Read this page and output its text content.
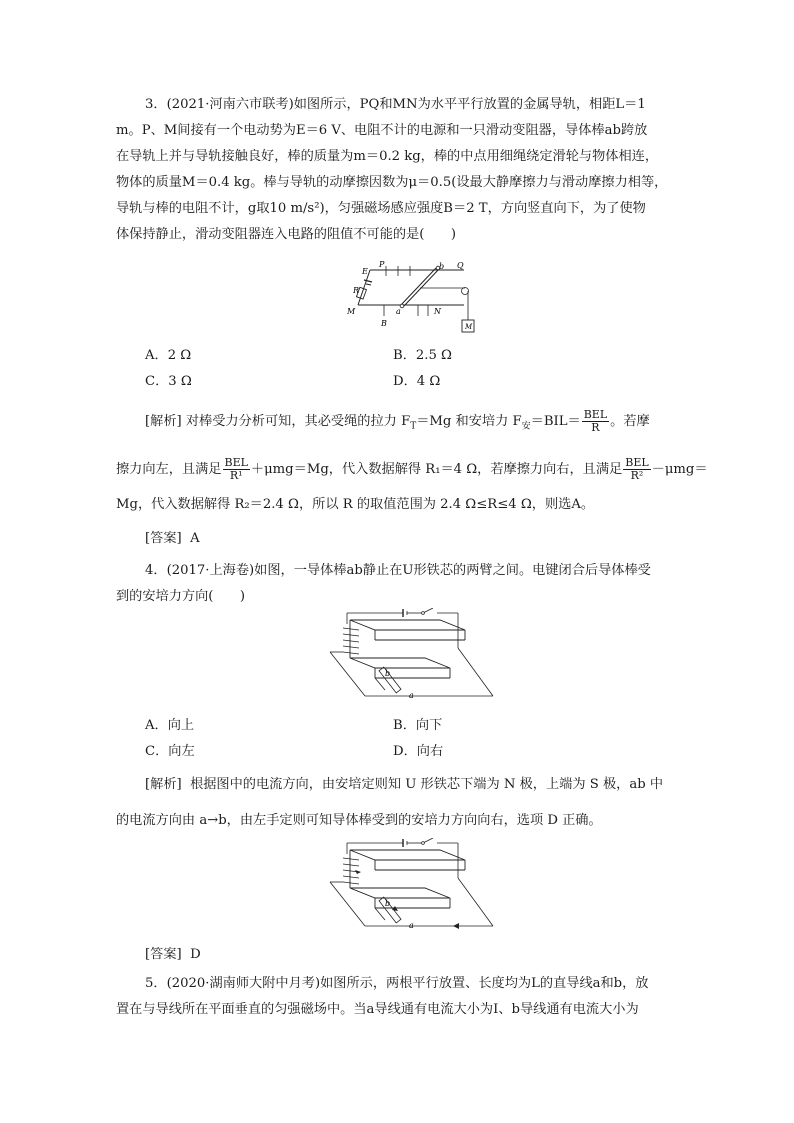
3．(2021·河南六市联考)如图所示，PQ和MN为水平平行放置的金属导轨，相距L＝1
m。P、M间接有一个电动势为E＝6 V、电阻不计的电源和一只滑动变阻器，导体棒ab跨放
在导轨上并与导轨接触良好，棒的质量为m＝0.2 kg，棒的中点用细绳绕定滑轮与物体相连，
物体的质量M＝0.4 kg。棒与导轨的动摩擦因数为μ＝0.5(设最大静摩擦力与滑动摩擦力相等，
导轨与棒的电阻不计，g取10 m/s²)，匀强磁场感应强度B＝2 T，方向竖直向下，为了使物
体保持静止，滑动变阻器连入电路的阻值不可能的是(　　)
E
P	b Q
R
M	a	N
B	M
A．2 Ω	B．2.5 Ω
C．3 Ω	D．4 Ω
[解析] 对棒受力分析可知，其必受绳的拉力 $F_T=Mg$ 和安培力 $F_安=BIL= \frac{\text{BEL}}{R}$ 。若摩
擦力向左，且满足 $\frac{\text{BEL}}{\text{R¹}} +\mu mg=Mg$，代入数据解得 R₁＝4 Ω，若摩擦力向右，且满足 $\frac{\text{BEL}}{\text{R²}} -\mu mg=$
Mg，代入数据解得 R₂＝2.4 Ω，所以 R 的取值范围为 2.4 Ω≤R≤4 Ω，则选A。
[答案] A
4．(2017·上海卷)如图，一导体棒ab静止在U形铁芯的两臂之间。电键闭合后导体棒受
到的安培力方向(　　)
b
a
A．向上	B．向下
C．向左	D．向右
[解析] 根据图中的电流方向，由安培定则知 U 形铁芯下端为 N 极，上端为 S 极，ab 中
的电流方向由 a→b，由左手定则可知导体棒受到的安培力方向向右，选项 D 正确。
b
a
[答案] D
5．(2020·湖南师大附中月考)如图所示，两根平行放置、长度均为L的直导线a和b，放
置在与导线所在平面垂直的匀强磁场中。当a导线通有电流大小为I、b导线通有电流大小为
